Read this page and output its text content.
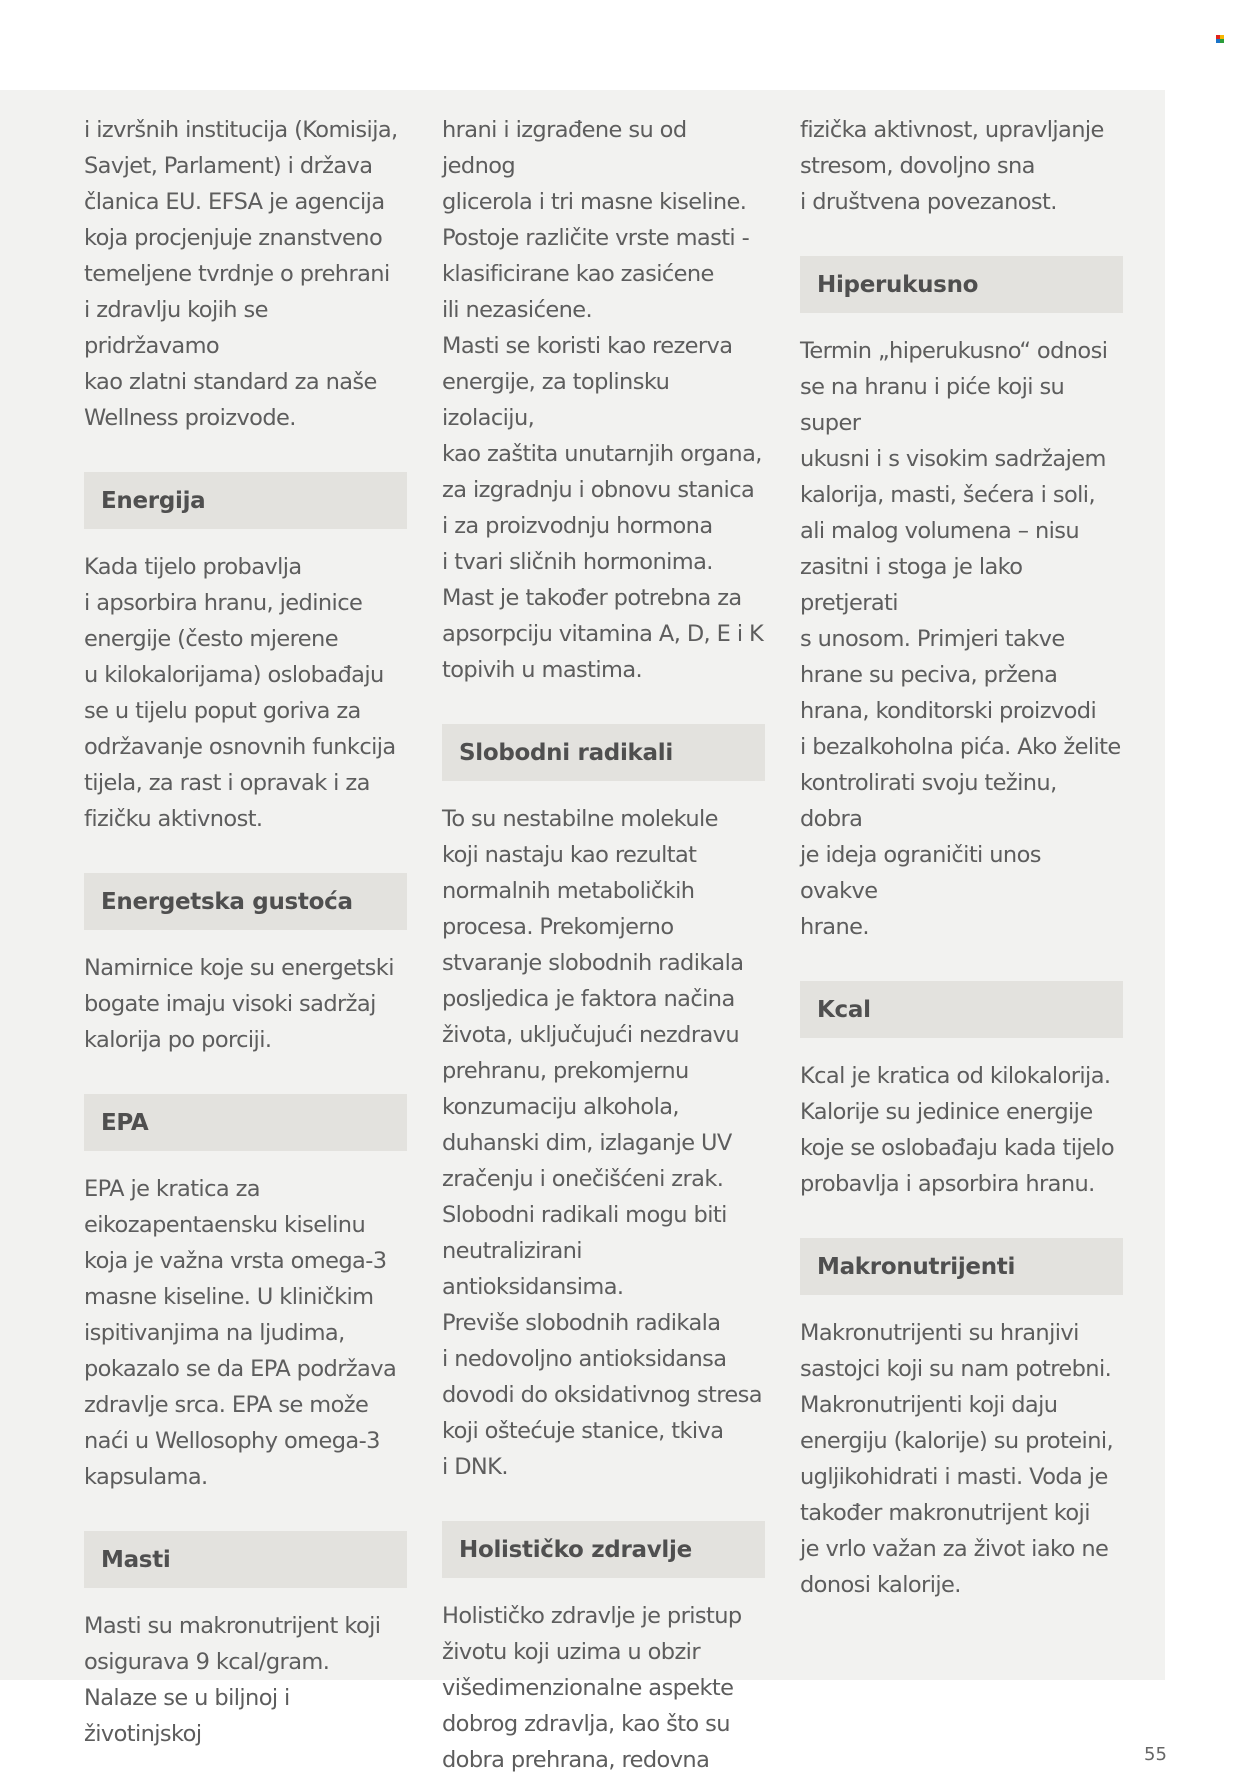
i izvršnih institucija (Komisija,
Savjet, Parlament) i država
članica EU. EFSA je agencija
koja procjenjuje znanstveno
temeljene tvrdnje o prehrani
i zdravlju kojih se pridržavamo
kao zlatni standard za naše
Wellness proizvode.

Energija

Kada tijelo probavlja
i apsorbira hranu, jedinice
energije (često mjerene
u kilokalorijama) oslobađaju
se u tijelu poput goriva za
održavanje osnovnih funkcija
tijela, za rast i opravak i za
fizičku aktivnost.

Energetska gustoća

Namirnice koje su energetski
bogate imaju visoki sadržaj
kalorija po porciji.

EPA

EPA je kratica za
eikozapentaensku kiselinu
koja je važna vrsta omega-3
masne kiseline. U kliničkim
ispitivanjima na ljudima,
pokazalo se da EPA podržava
zdravlje srca. EPA se može
naći u Wellosophy omega-3
kapsulama.

Masti

Masti su makronutrijent koji
osigurava 9 kcal/gram.
Nalaze se u biljnoj i životinjskoj

hrani i izgrađene su od jednog
glicerola i tri masne kiseline.
Postoje različite vrste masti -
klasificirane kao zasićene
ili nezasićene.
Masti se koristi kao rezerva
energije, za toplinsku izolaciju,
kao zaštita unutarnjih organa,
za izgradnju i obnovu stanica
i za proizvodnju hormona
i tvari sličnih hormonima.
Mast je također potrebna za
apsorpciju vitamina A, D, E i K
topivih u mastima.

Slobodni radikali

To su nestabilne molekule
koji nastaju kao rezultat
normalnih metaboličkih
procesa. Prekomjerno
stvaranje slobodnih radikala
posljedica je faktora načina
života, uključujući nezdravu
prehranu, prekomjernu
konzumaciju alkohola,
duhanski dim, izlaganje UV
zračenju i onečišćeni zrak.
Slobodni radikali mogu biti
neutralizirani antioksidansima.
Previše slobodnih radikala
i nedovoljno antioksidansa
dovodi do oksidativnog stresa
koji oštećuje stanice, tkiva
i DNK.

Holističko zdravlje

Holističko zdravlje je pristup
životu koji uzima u obzir
višedimenzionalne aspekte
dobrog zdravlja, kao što su
dobra prehrana, redovna

fizička aktivnost, upravljanje
stresom, dovoljno sna
i društvena povezanost.

Hiperukusno

Termin „hiperukusno“ odnosi
se na hranu i piće koji su super
ukusni i s visokim sadržajem
kalorija, masti, šećera i soli,
ali malog volumena – nisu
zasitni i stoga je lako pretjerati
s unosom. Primjeri takve
hrane su peciva, pržena
hrana, konditorski proizvodi
i bezalkoholna pića. Ako želite
kontrolirati svoju težinu, dobra
je ideja ograničiti unos ovakve
hrane.

Kcal

Kcal je kratica od kilokalorija.
Kalorije su jedinice energije
koje se oslobađaju kada tijelo
probavlja i apsorbira hranu.

Makronutrijenti

Makronutrijenti su hranjivi
sastojci koji su nam potrebni.
Makronutrijenti koji daju
energiju (kalorije) su proteini,
ugljikohidrati i masti. Voda je
također makronutrijent koji
je vrlo važan za život iako ne
donosi kalorije.

55
